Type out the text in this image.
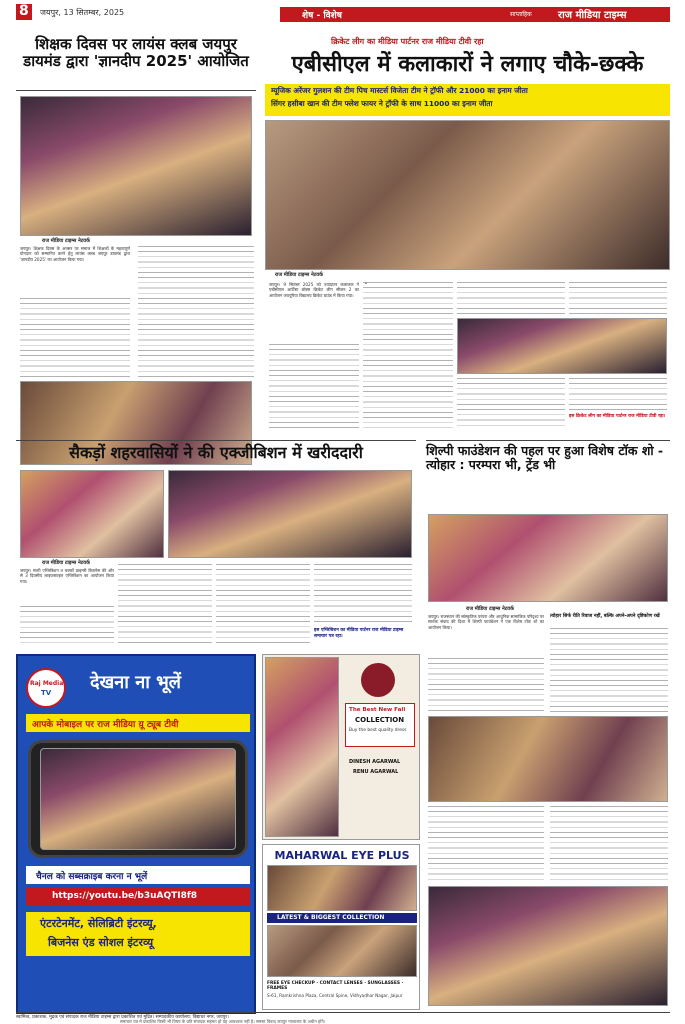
8 जयपुर, 13 सितम्बर, 2025	शेष - विशेष	साप्ताहिक	राज मीडिया टाइम्स
शिक्षक दिवस पर लायंस क्लब जयपुर डायमंड द्वारा 'ज्ञानदीप 2025' आयोजित
राज मीडिया टाइम्स नेटवर्क
जयपुर। शिक्षक दिवस के अवसर पर समाज में शिक्षकों के महत्वपूर्ण योगदान को सम्मानित करने हेतु लायंस क्लब जयपुर डायमंड द्वारा 'ज्ञानदीप 2025' का आयोजन किया गया।
क्रिकेट लीग का मीडिया पार्टनर राज मीडिया टीवी रहा
एबीसीएल में कलाकारों ने लगाए चौके-छक्के
म्यूजिक अरेंजर गुलशन की टीम पिच मास्टर्स विजेता टीम ने ट्रॉफी और 21000 का इनाम जीता
सिंगर हसीबा खान की टीम फ्लेश फायर ने ट्रॉफी के साथ 11000 का इनाम जीता
राज मीडिया टाइम्स नेटवर्क
जयपुर। 9 सितंबर 2025 को ज़्यादातर कलाकार ने एबीसीएल आर्टिस्ट बॉक्स क्रिकेट लीग सीजन 2 का आयोजन जयपुरिया विद्यालय क्रिकेट ग्राउंड में किया गया।
इस क्रिकेट लीग का मीडिया पार्टनर राज मीडिया टीवी रहा।
सैकड़ों शहरवासियों ने की एक्जीबिशन में खरीददारी
राज मीडिया टाइम्स नेटवर्क
जयपुर। मल्टी एग्जिबिशन व चक्कों प्राइमरी बिज़नेस की ओर से 3 दिवसीय लाइफस्टाइल एग्जिबिशन का आयोजन किया गया।
इस एग्जिबिशन का मीडिया पार्टनर राज मीडिया टाइम्स समाचार पत्र रहा।
शिल्पी फाउंडेशन की पहल पर हुआ विशेष टॉक शो - त्योहार : परम्परा भी, ट्रेंड भी
राज मीडिया टाइम्स नेटवर्क
जयपुर। राजस्थान की सांस्कृतिक परंपरा और आधुनिक सामाजिक परिदृश्य पर सार्थक संवाद की दिशा में शिल्पी फाउंडेशन ने एक विशेष टॉक शो का आयोजन किया।
त्योहार सिर्फ रीति रिवाज नहीं, बल्कि अपने-अपने दृष्टिकोण रखें
Raj Media
TV देखना ना भूलें
आपके मोबाइल पर राज मीडिया य़ू ट्यूब टीवी
चैनल को सब्सक्राइब करना न भूलें
https://youtu.be/b3uAQTI8f8
एंटरटेनमेंट, सेलिब्रिटी इंटरव्यू,
बिजनेस एंड सोशल इंटरव्यू
The Best New Fall
COLLECTION
Buy the best quality dress
DINESH AGARWAL
RENU AGARWAL
MAHARWAL EYE PLUS
LATEST & BIGGEST COLLECTION
FREE EYE CHECKUP · CONTACT LENSES · SUNGLASSES · FRAMES
S-61, Ramkrishna Plaza, Central Spine, Vidhyadhar Nagar, Jaipur
स्वामित्व, प्रकाशक, मुद्रक एवं संपादक राज मीडिया टाइम्स द्वारा प्रकाशित एवं मुद्रित। सम्पादकीय कार्यालय: विद्याधर नगर, जयपुर।
समाचार पत्र में प्रकाशित किसी भी विषय के प्रति संपादक सहमत हो यह आवश्यक नहीं है। समस्त विवाद जयपुर न्यायालय के अधीन होंगे।
